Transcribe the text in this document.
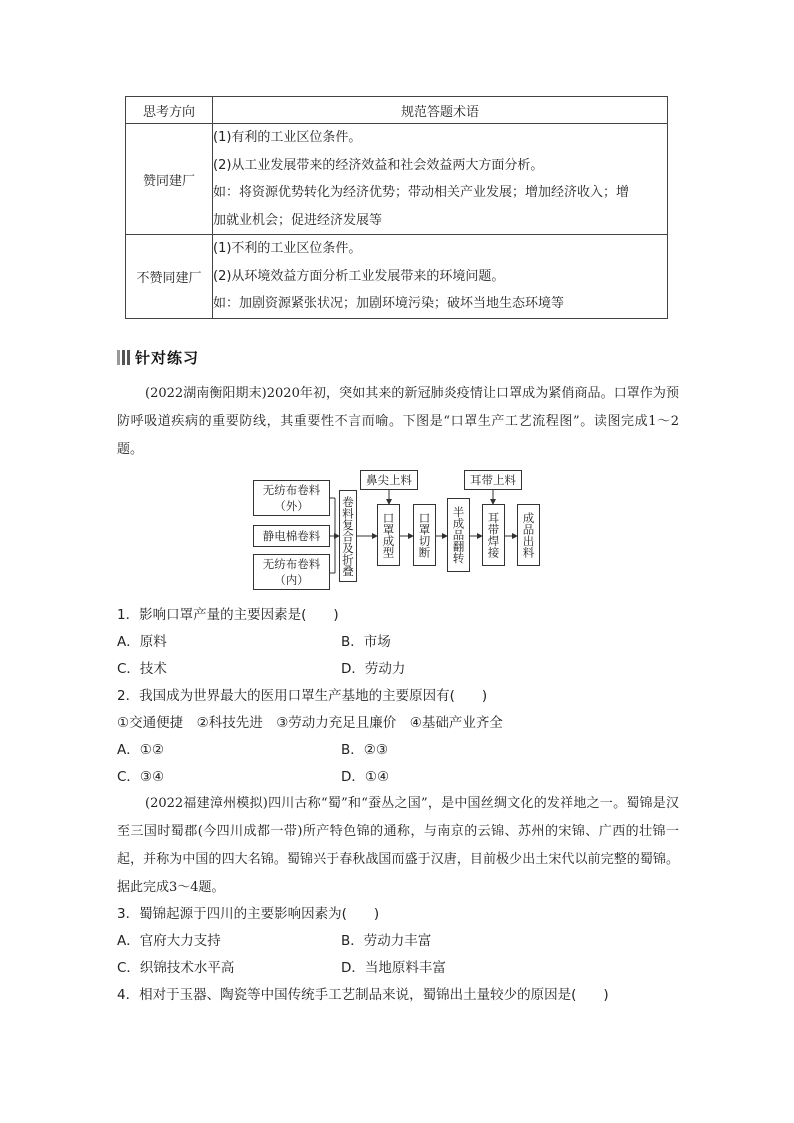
思考方向	规范答题术语
赞同建厂	(1)有利的工业区位条件。
(2)从工业发展带来的经济效益和社会效益两大方面分析。
如：将资源优势转化为经济优势；带动相关产业发展；增加经济收入；增
加就业机会；促进经济发展等

不赞同建厂	(1)不利的工业区位条件。
(2)从环境效益方面分析工业发展带来的环境问题。
如：加剧资源紧张状况；加剧环境污染；破坏当地生态环境等
针对练习
(2022湖南衡阳期末)2020年初，突如其来的新冠肺炎疫情让口罩成为紧俏商品。口罩作为预防呼吸道疾病的重要防线，其重要性不言而喻。下图是“口罩生产工艺流程图”。读图完成1～2题。
无纺布卷料
（外）
静电棉卷料
无纺布卷料
（内）
卷料复合及折叠 口罩成型 口罩切断 半成品翻转 耳带焊接 成品出料
鼻尖上料	耳带上料
1．影响口罩产量的主要因素是(　　)
A．原料	B．市场
C．技术	D．劳动力
2．我国成为世界最大的医用口罩生产基地的主要原因有(　　)
①交通便捷　②科技先进　③劳动力充足且廉价　④基础产业齐全
A．①②	B．②③
C．③④	D．①④
(2022福建漳州模拟)四川古称“蜀”和“蚕丛之国”，是中国丝绸文化的发祥地之一。蜀锦是汉至三国时蜀郡(今四川成都一带)所产特色锦的通称，与南京的云锦、苏州的宋锦、广西的壮锦一起，并称为中国的四大名锦。蜀锦兴于春秋战国而盛于汉唐，目前极少出土宋代以前完整的蜀锦。据此完成3～4题。
3．蜀锦起源于四川的主要影响因素为(　　)
A．官府大力支持	B．劳动力丰富
C．织锦技术水平高	D．当地原料丰富
4．相对于玉器、陶瓷等中国传统手工艺制品来说，蜀锦出土量较少的原因是(　　)
